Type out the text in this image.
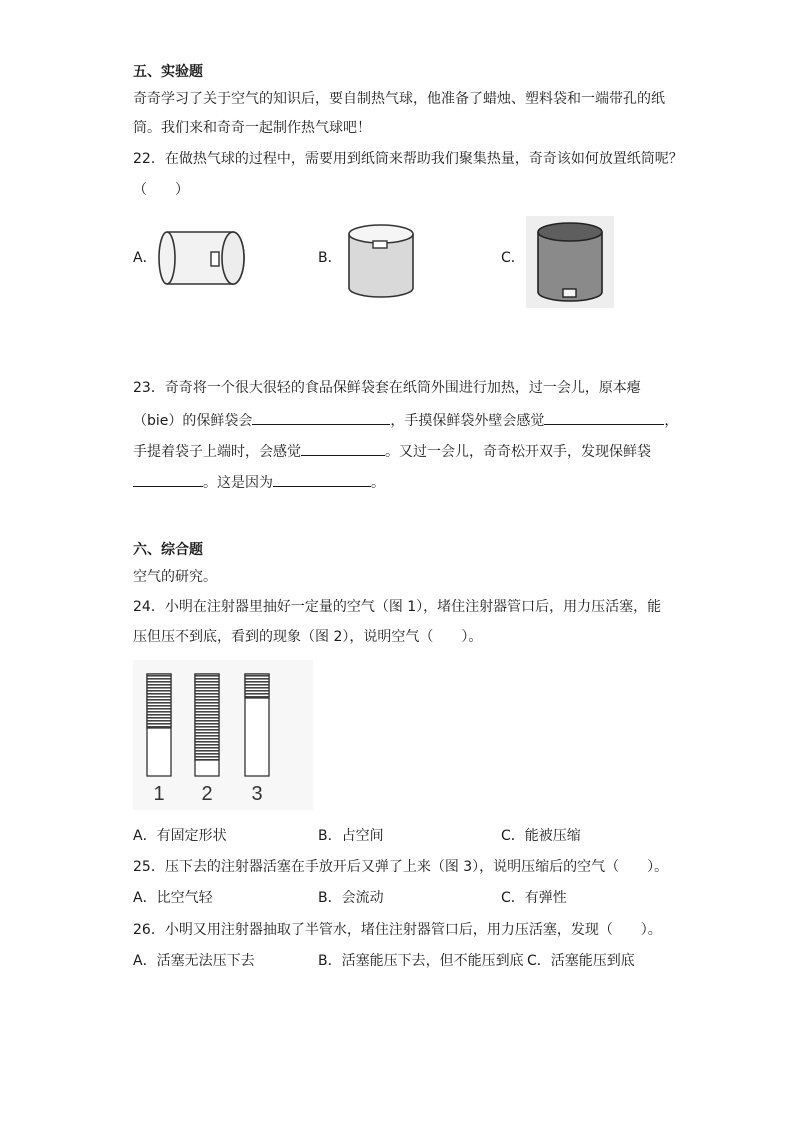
五、实验题
奇奇学习了关于空气的知识后，要自制热气球，他准备了蜡烛、塑料袋和一端带孔的纸
筒。我们来和奇奇一起制作热气球吧！
22．在做热气球的过程中，需要用到纸筒来帮助我们聚集热量，奇奇该如何放置纸筒呢？
（　　）
A．	B．	C．
23．奇奇将一个很大很轻的食品保鲜袋套在纸筒外围进行加热，过一会儿，原本瘪
（bie）的保鲜袋会	，手摸保鲜袋外壁会感觉	，
手提着袋子上端时，会感觉	。又过一会儿，奇奇松开双手，发现保鲜袋
。这是因为	。
六、综合题
空气的研究。
24．小明在注射器里抽好一定量的空气（图 1），堵住注射器管口后，用力压活塞，能
压但压不到底，看到的现象（图 2），说明空气（　　）。
1 2 3
A．有固定形状	B．占空间	C．能被压缩
25．压下去的注射器活塞在手放开后又弹了上来（图 3），说明压缩后的空气（　　）。
A．比空气轻	B．会流动	C．有弹性
26．小明又用注射器抽取了半管水，堵住注射器管口后，用力压活塞，发现（　　）。
A．活塞无法压下去	B．活塞能压下去，但不能压到底 C．活塞能压到底
